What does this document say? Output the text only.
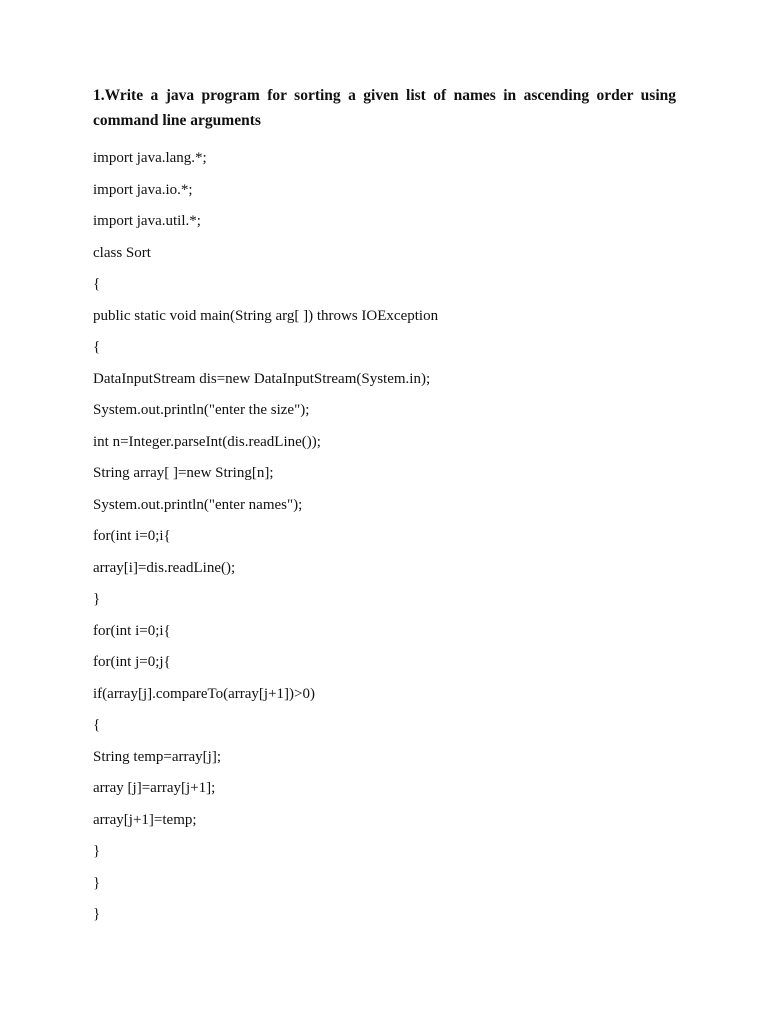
1.Write a java program for sorting a given list of names in ascending order using command line arguments

import java.lang.*;
import java.io.*;
import java.util.*;
class Sort
{
public static void main(String arg[ ]) throws IOException
{
DataInputStream dis=new DataInputStream(System.in);
System.out.println("enter the size");
int n=Integer.parseInt(dis.readLine());
String array[ ]=new String[n];
System.out.println("enter names");
for(int i=0;i{
array[i]=dis.readLine();
}
for(int i=0;i{
for(int j=0;j{
if(array[j].compareTo(array[j+1])>0)
{
String temp=array[j];
array [j]=array[j+1];
array[j+1]=temp;
}
}
}
